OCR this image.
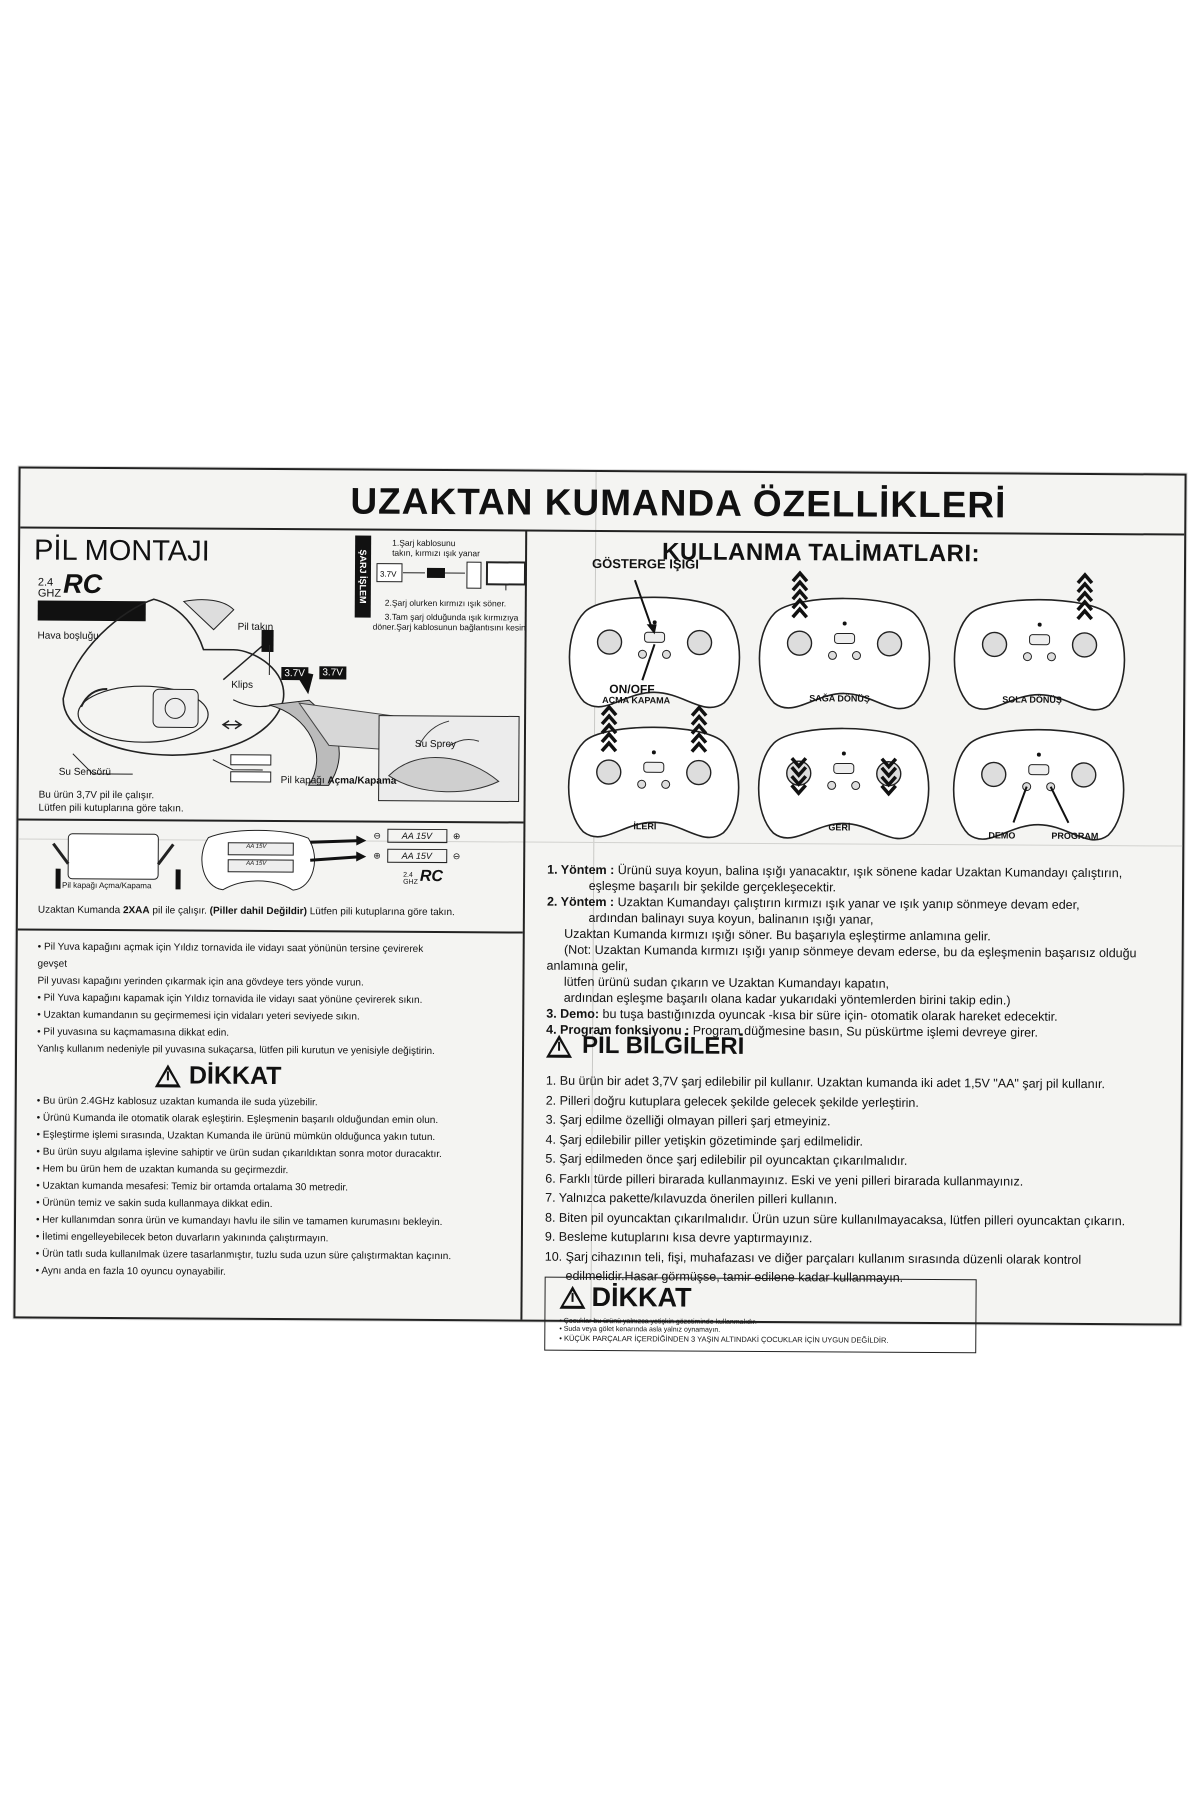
UZAKTAN KUMANDA ÖZELLİKLERİ
PİL MONTAJI
2.4
GHZ RC
Pil takın
Hava boşluğu
Klips
Su Sensörü
3.7V
Su Sprey
Pil kapağı Açma/Kapama
ŞARJ İŞLEM
1.Şarj kablosunu
takın, kırmızı ışık yanar
3.7V
2.Şarj olurken kırmızı ışık söner.
3.Tam şarj olduğunda ışık kırmızıya
döner.Şarj kablosunun bağlantısını kesin
3.7V
Bu ürün 3,7V pil ile çalışır.
Lütfen pili kutuplarına göre takın.
Pil kapağı Açma/Kapama
AA 15V
AA 15V
⊖	AA 15V	⊕
⊕	AA 15V	⊖
2.4
GHZ RC
Uzaktan Kumanda 2XAA pil ile çalışır. (Piller dahil Değildir) Lütfen pili kutuplarına göre takın.

• Pil Yuva kapağını açmak için Yıldız tornavida ile vidayı saat yönünün tersine çevirerek

gevşet

Pil yuvası kapağını yerinden çıkarmak için ana gövdeye ters yönde vurun.

• Pil Yuva kapağını kapamak için Yıldız tornavida ile vidayı saat yönüne çevirerek sıkın.

• Uzaktan kumandanın su geçirmemesi için vidaları yeteri seviyede sıkın.

• Pil yuvasına su kaçmamasına dikkat edin.

Yanlış kullanım nedeniyle pil yuvasına sukaçarsa, lütfen pili kurutun ve yenisiyle değiştirin.

DİKKAT

• Bu ürün 2.4GHz kablosuz uzaktan kumanda ile suda yüzebilir.

• Ürünü Kumanda ile otomatik olarak eşleştirin. Eşleşmenin başarılı olduğundan emin olun.

• Eşleştirme işlemi sırasında, Uzaktan Kumanda ile ürünü mümkün olduğunca yakın tutun.

• Bu ürün suyu algılama işlevine sahiptir ve ürün sudan çıkarıldıktan sonra motor duracaktır.

• Hem bu ürün hem de uzaktan kumanda su geçirmezdir.

• Uzaktan kumanda mesafesi: Temiz bir ortamda ortalama 30 metredir.

• Ürünün temiz ve sakin suda kullanmaya dikkat edin.

• Her kullanımdan sonra ürün ve kumandayı havlu ile silin ve tamamen kurumasını bekleyin.

• İletimi engelleyebilecek beton duvarların yakınında çalıştırmayın.

• Ürün tatlı suda kullanılmak üzere tasarlanmıştır, tuzlu suda uzun süre çalıştırmaktan kaçının.

• Aynı anda en fazla 10 oyuncu oynayabilir.

KULLANMA TALİMATLARI:
GÖSTERGE IŞIĞI
ON/OFF
AÇMA KAPAMA	SAĞA DÖNÜŞ	SOLA DÖNÜŞ
İLERİ	GERİ
DEMO	PROGRAM

1. Yöntem : Ürünü suya koyun, balina ışığı yanacaktır, ışık sönene kadar Uzaktan Kumandayı çalıştırın,

eşleşme başarılı bir şekilde gerçekleşecektir.

2. Yöntem : Uzaktan Kumandayı çalıştırın kırmızı ışık yanar ve ışık yanıp sönmeye devam eder,

ardından balinayı suya koyun, balinanın ışığı yanar,

Uzaktan Kumanda kırmızı ışığı söner. Bu başarıyla eşleştirme anlamına gelir.

(Not: Uzaktan Kumanda kırmızı ışığı yanıp sönmeye devam ederse, bu da eşleşmenin başarısız olduğu

anlamına gelir,

lütfen ürünü sudan çıkarın ve Uzaktan Kumandayı kapatın,

ardından eşleşme başarılı olana kadar yukarıdaki yöntemlerden birini takip edin.)

3. Demo: bu tuşa bastığınızda oyuncak -kısa bir süre için- otomatik olarak hareket edecektir.

4. Program fonksiyonu : Program düğmesine basın, Su püskürtme işlemi devreye girer.

PİL BİLGİLERİ

1. Bu ürün bir adet 3,7V şarj edilebilir pil kullanır. Uzaktan kumanda iki adet 1,5V "AA" şarj pil kullanır.

2. Pilleri doğru kutuplara gelecek şekilde gelecek şekilde yerleştirin.

3. Şarj edilme özelliği olmayan pilleri şarj etmeyiniz.

4. Şarj edilebilir piller yetişkin gözetiminde şarj edilmelidir.

5. Şarj edilmeden önce şarj edilebilir pil oyuncaktan çıkarılmalıdır.

6. Farklı türde pilleri birarada kullanmayınız. Eski ve yeni pilleri birarada kullanmayınız.

7. Yalnızca pakette/kılavuzda önerilen pilleri kullanın.

8. Biten pil oyuncaktan çıkarılmalıdır. Ürün uzun süre kullanılmayacaksa, lütfen pilleri oyuncaktan çıkarın.

9. Besleme kutuplarını kısa devre yaptırmayınız.

10. Şarj cihazının teli, fişi, muhafazası ve diğer parçaları kullanım sırasında düzenli olarak kontrol

edilmelidir.Hasar görmüşse, tamir edilene kadar kullanmayın.

DİKKAT
• Çocuklar bu ürünü yalnızca yetişkin gözetiminde kullanmalıdır.
• Suda veya gölet kenarında asla yalnız oynamayın.
• KÜÇÜK PARÇALAR İÇERDİĞİNDEN 3 YAŞIN ALTINDAKİ ÇOCUKLAR İÇİN UYGUN DEĞİLDİR.
